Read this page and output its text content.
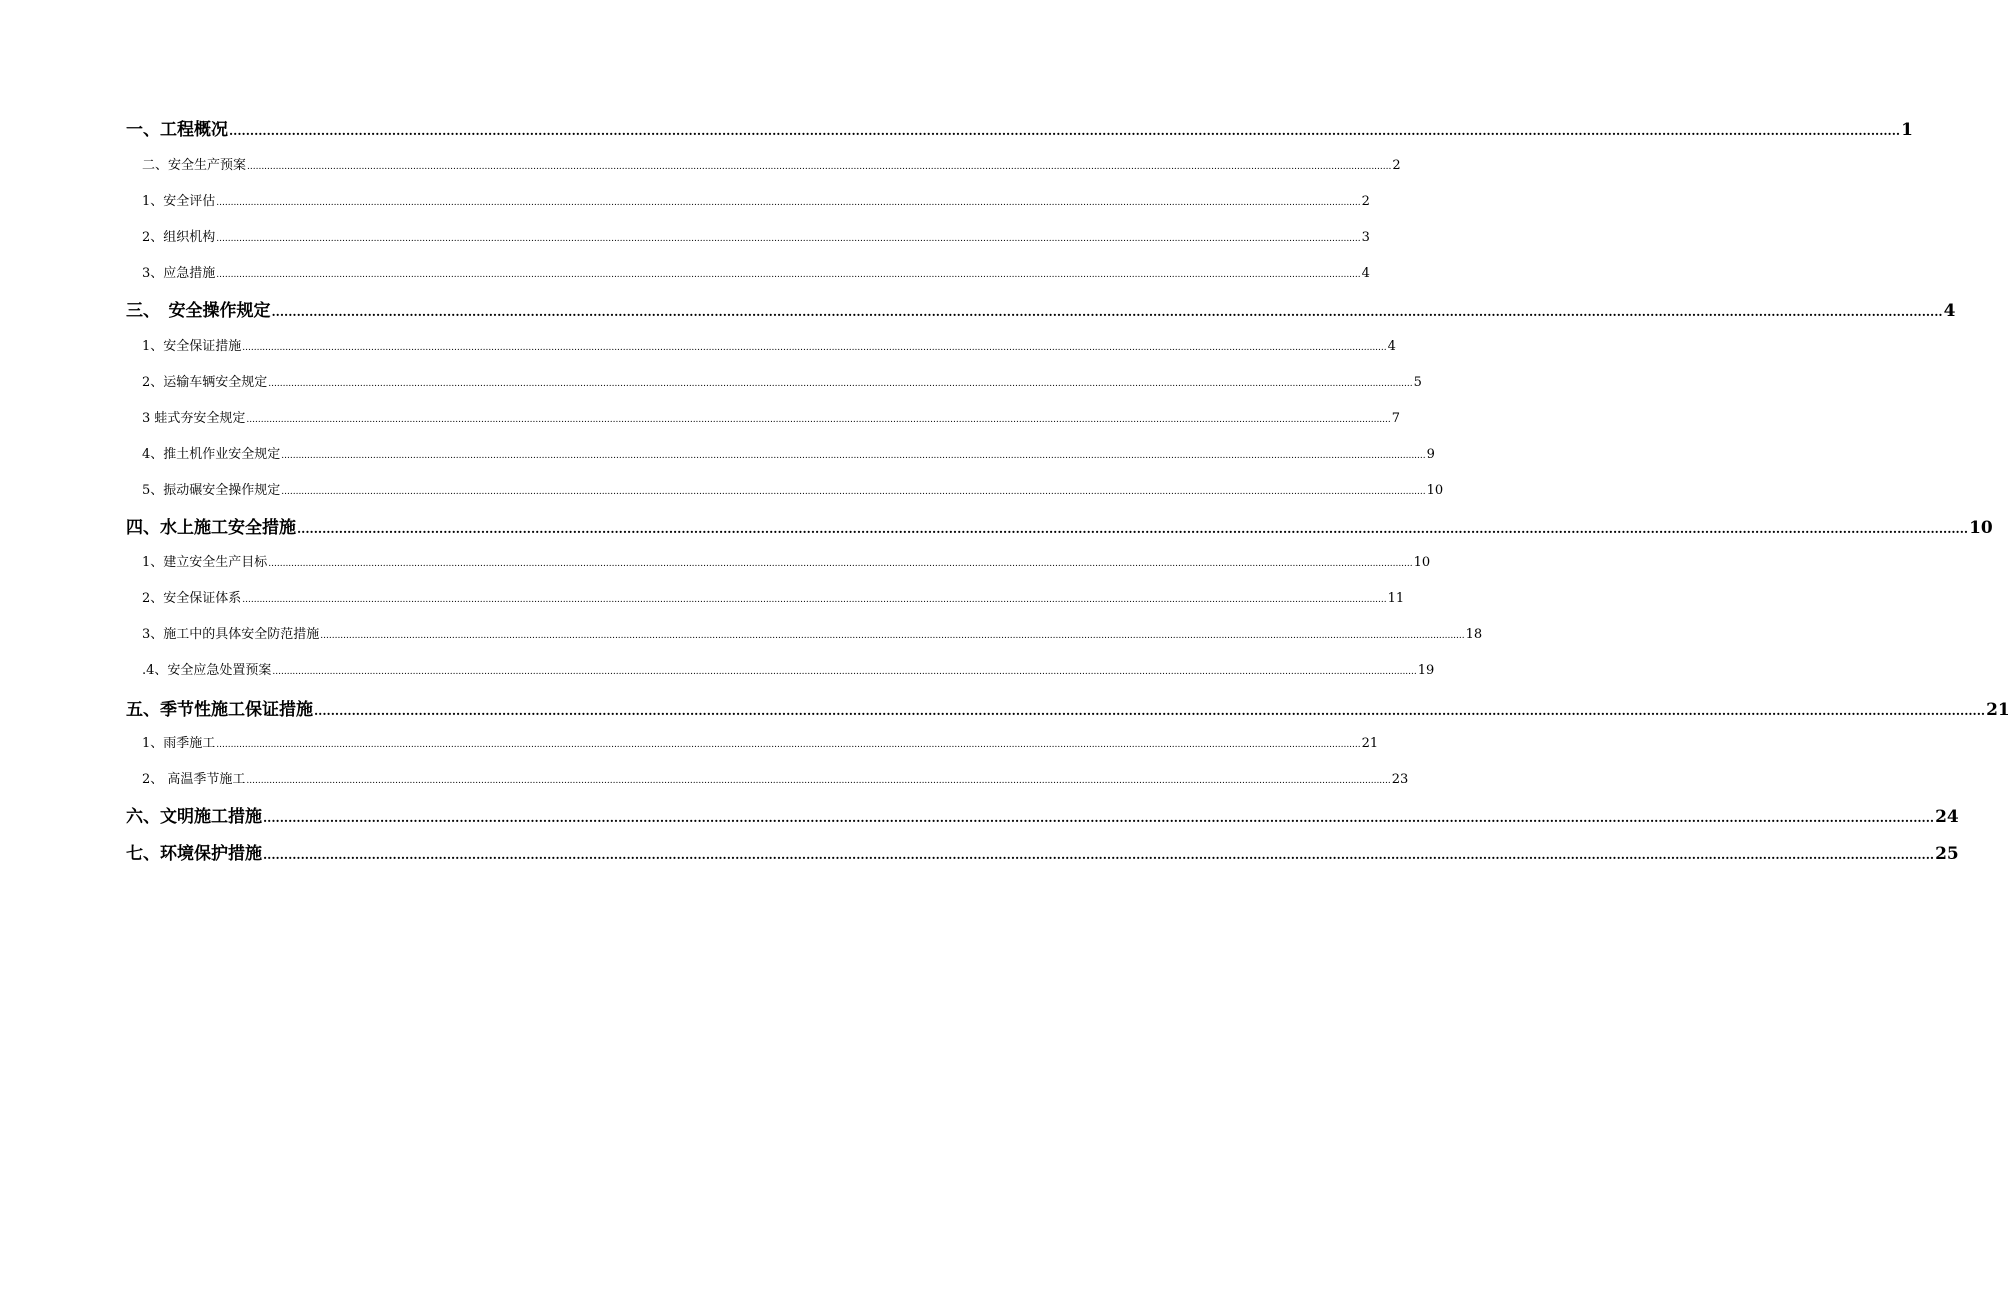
一、工程概况 ................................................................................................................................................................................................................................................................................................................................................................................................................ 1
二、安全生产预案 ................................................................................................................................................................................................................................................................................................................................................................................................................ 2
1、安全评估 ................................................................................................................................................................................................................................................................................................................................................................................................................ 2
2、组织机构 ................................................................................................................................................................................................................................................................................................................................................................................................................ 3
3、应急措施 ................................................................................................................................................................................................................................................................................................................................................................................................................ 4
三、　安全操作规定 ................................................................................................................................................................................................................................................................................................................................................................................................................ 4
1、安全保证措施 ................................................................................................................................................................................................................................................................................................................................................................................................................ 4
2、运输车辆安全规定 ................................................................................................................................................................................................................................................................................................................................................................................................................ 5
3 蛙式夯安全规定 ................................................................................................................................................................................................................................................................................................................................................................................................................ 7
4、推土机作业安全规定 ................................................................................................................................................................................................................................................................................................................................................................................................................ 9
5、振动碾安全操作规定 ................................................................................................................................................................................................................................................................................................................................................................................................................ 10
四、水上施工安全措施 ................................................................................................................................................................................................................................................................................................................................................................................................................ 10
1、建立安全生产目标 ................................................................................................................................................................................................................................................................................................................................................................................................................ 10
2、安全保证体系 ................................................................................................................................................................................................................................................................................................................................................................................................................ 11
3、施工中的具体安全防范措施 ................................................................................................................................................................................................................................................................................................................................................................................................................ 18
.4、安全应急处置预案 ................................................................................................................................................................................................................................................................................................................................................................................................................ 19
五、季节性施工保证措施 ................................................................................................................................................................................................................................................................................................................................................................................................................ 21
1、雨季施工 ................................................................................................................................................................................................................................................................................................................................................................................................................ 21
2、 高温季节施工 ................................................................................................................................................................................................................................................................................................................................................................................................................ 23
六、文明施工措施 ................................................................................................................................................................................................................................................................................................................................................................................................................ 24
七、环境保护措施 ................................................................................................................................................................................................................................................................................................................................................................................................................ 25
